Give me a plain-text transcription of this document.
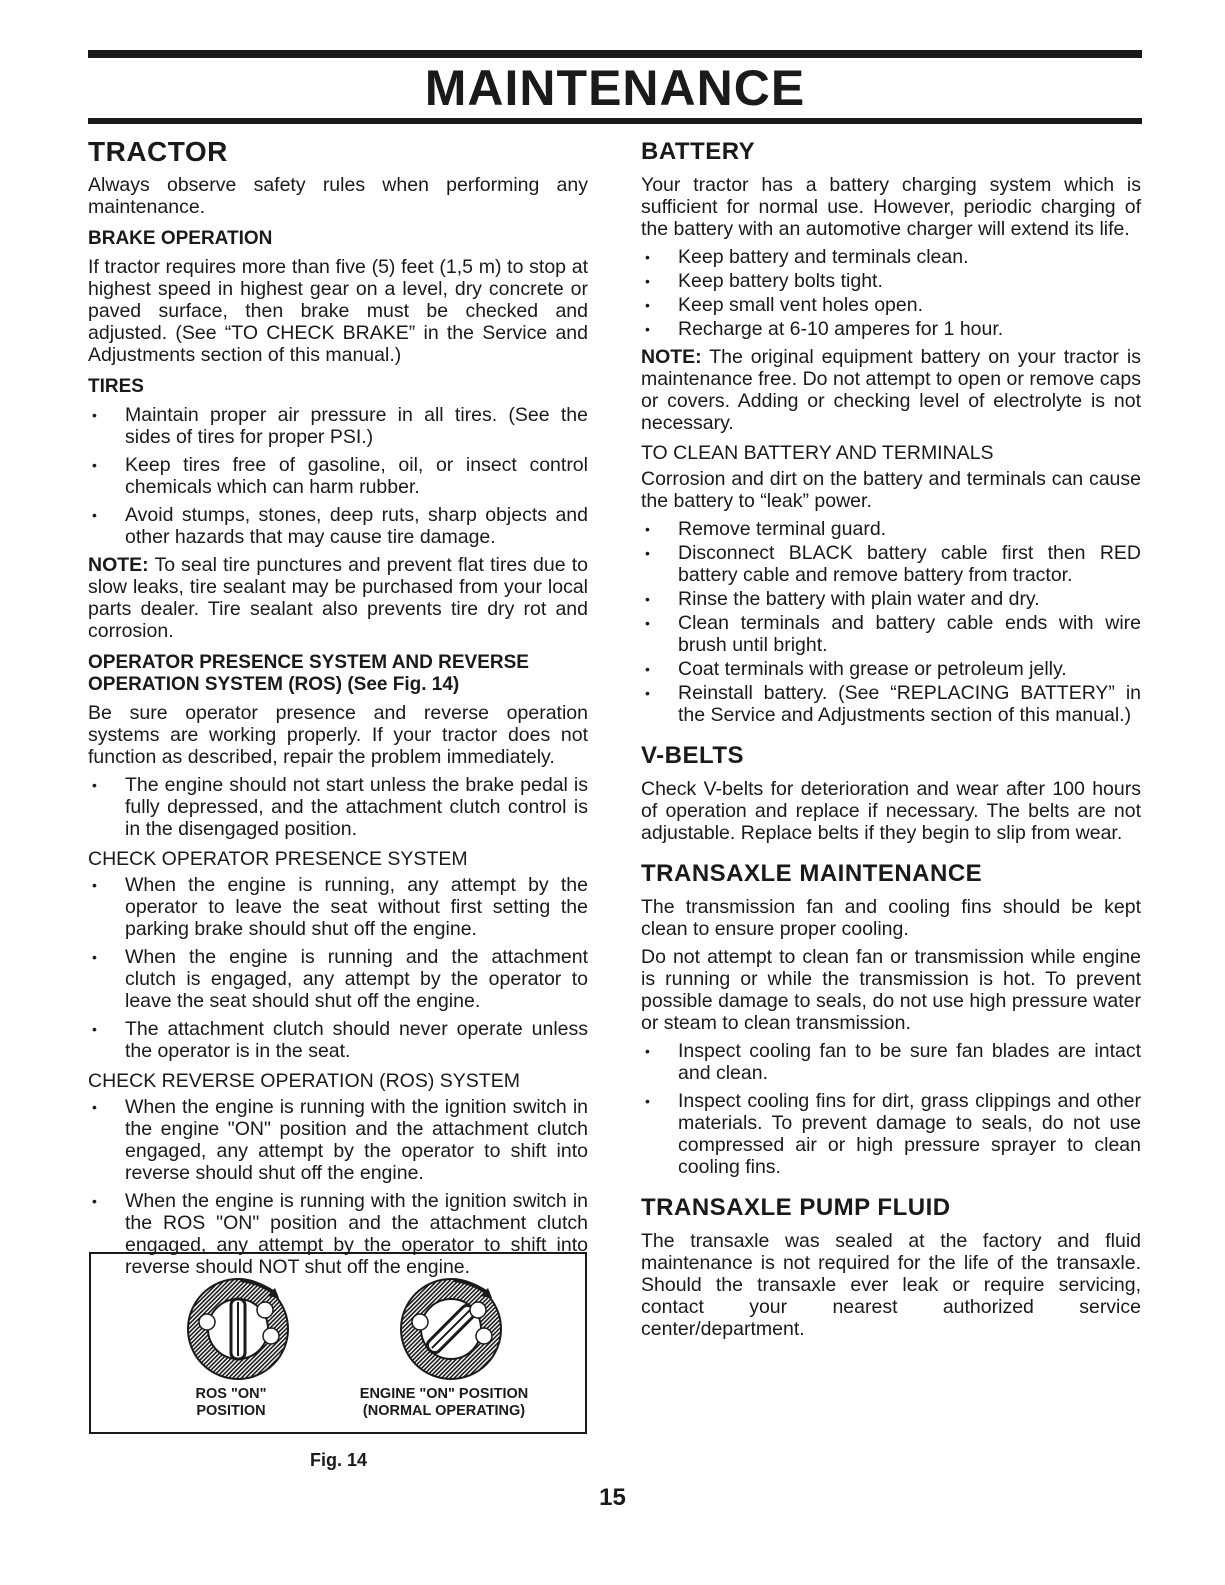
MAINTENANCE
TRACTOR

Always observe safety rules when performing any maintenance.

BRAKE OPERATION

If tractor requires more than five (5) feet (1,5 m) to stop at highest speed in highest gear on a level, dry concrete or paved surface, then brake must be checked and adjusted. (See “TO CHECK BRAKE” in the Service and Adjustments section of this manual.)

TIRES
• Maintain proper air pressure in all tires. (See the sides of tires for proper PSI.)
• Keep tires free of gasoline, oil, or insect control chemicals which can harm rubber.
• Avoid stumps, stones, deep ruts, sharp objects and other hazards that may cause tire damage.

NOTE: To seal tire punctures and prevent flat tires due to slow leaks, tire sealant may be purchased from your local parts dealer. Tire sealant also prevents tire dry rot and corrosion.

OPERATOR PRESENCE SYSTEM AND REVERSE OPERATION SYSTEM (ROS) (See Fig. 14)

Be sure operator presence and reverse operation systems are working properly. If your tractor does not function as described, repair the problem immediately.

• The engine should not start unless the brake pedal is fully depressed, and the attachment clutch control is in the disengaged position.
CHECK OPERATOR PRESENCE SYSTEM
• When the engine is running, any attempt by the operator to leave the seat without first setting the parking brake should shut off the engine.
• When the engine is running and the attachment clutch is engaged, any attempt by the operator to leave the seat should shut off the engine.
• The attachment clutch should never operate unless the operator is in the seat.
CHECK REVERSE OPERATION (ROS) SYSTEM
• When the engine is running with the ignition switch in the engine "ON" position and the attachment clutch engaged, any attempt by the operator to shift into reverse should shut off the engine.
• When the engine is running with the ignition switch in the ROS "ON" position and the attachment clutch engaged, any attempt by the operator to shift into reverse should NOT shut off the engine.
ROS "ON"
POSITION
ENGINE "ON" POSITION
(NORMAL OPERATING)
Fig. 14
BATTERY

Your tractor has a battery charging system which is sufficient for normal use. However, periodic charging of the battery with an automotive charger will extend its life.

• Keep battery and terminals clean.
• Keep battery bolts tight.
• Keep small vent holes open.
• Recharge at 6-10 amperes for 1 hour.

NOTE: The original equipment battery on your tractor is maintenance free. Do not attempt to open or remove caps or covers. Adding or checking level of electrolyte is not necessary.

TO CLEAN BATTERY AND TERMINALS

Corrosion and dirt on the battery and terminals can cause the battery to “leak” power.

• Remove terminal guard.
• Disconnect BLACK battery cable first then RED battery cable and remove battery from tractor.
• Rinse the battery with plain water and dry.
• Clean terminals and battery cable ends with wire brush until bright.
• Coat terminals with grease or petroleum jelly.
• Reinstall battery. (See “REPLACING BATTERY” in the Service and Adjustments section of this manual.)
V-BELTS

Check V-belts for deterioration and wear after 100 hours of operation and replace if necessary. The belts are not adjustable. Replace belts if they begin to slip from wear.

TRANSAXLE MAINTENANCE

The transmission fan and cooling fins should be kept clean to ensure proper cooling.

Do not attempt to clean fan or transmission while engine is running or while the transmission is hot. To prevent possible damage to seals, do not use high pressure water or steam to clean transmission.

• Inspect cooling fan to be sure fan blades are intact and clean.
• Inspect cooling fins for dirt, grass clippings and other materials. To prevent damage to seals, do not use compressed air or high pressure sprayer to clean cooling fins.
TRANSAXLE PUMP FLUID

The transaxle was sealed at the factory and fluid maintenance is not required for the life of the transaxle. Should the transaxle ever leak or require servicing, contact your nearest authorized service center/department.

15
